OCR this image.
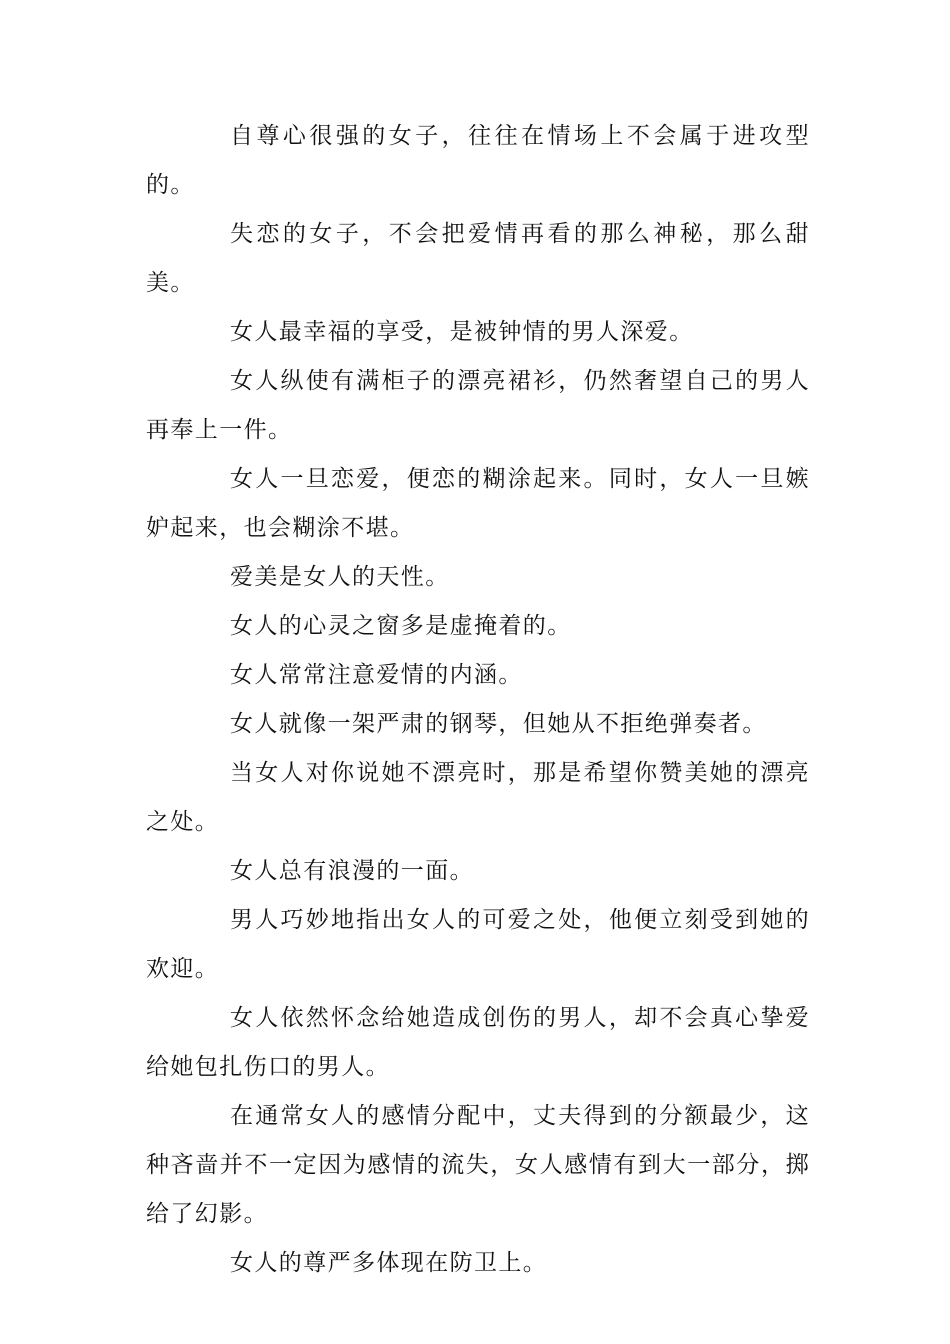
自尊心很强的女子，往往在情场上不会属于进攻型的。

失恋的女子，不会把爱情再看的那么神秘，那么甜美。

女人最幸福的享受，是被钟情的男人深爱。

女人纵使有满柜子的漂亮裙衫，仍然奢望自己的男人再奉上一件。

女人一旦恋爱，便恋的糊涂起来。同时，女人一旦嫉妒起来，也会糊涂不堪。

爱美是女人的天性。

女人的心灵之窗多是虚掩着的。

女人常常注意爱情的内涵。

女人就像一架严肃的钢琴，但她从不拒绝弹奏者。

当女人对你说她不漂亮时，那是希望你赞美她的漂亮之处。

女人总有浪漫的一面。

男人巧妙地指出女人的可爱之处，他便立刻受到她的欢迎。

女人依然怀念给她造成创伤的男人，却不会真心挚爱给她包扎伤口的男人。

在通常女人的感情分配中，丈夫得到的分额最少，这种吝啬并不一定因为感情的流失，女人感情有到大一部分，掷给了幻影。

女人的尊严多体现在防卫上。
